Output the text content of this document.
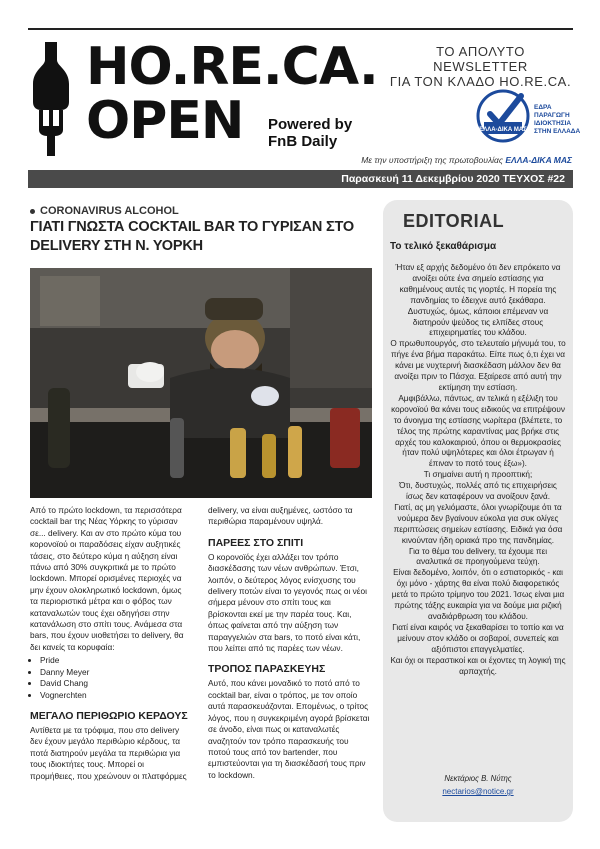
HO.RE.CA.
OPEN	Powered by
FnB Daily
ΤΟ ΑΠΟΛΥΤΟ NEWSLETTER
ΓΙΑ ΤΟΝ ΚΛΑΔΟ HO.RE.CA.
ΕΛΛΑ-ΔΙΚΑ ΜΑΣ
ΕΔΡΑ
ΠΑΡΑΓΩΓΗ
ΙΔΙΟΚΤΗΣΙΑ
ΣΤΗΝ ΕΛΛΑΔΑ
Με την υποστήριξη της πρωτοβουλίας ΕΛΛΑ-ΔΙΚΑ ΜΑΣ
Παρασκευή 11 Δεκεμβρίου 2020 ΤΕΥΧΟΣ #22
CORONAVIRUS ALCOHOL
ΓΙΑΤΙ ΓΝΩΣΤΑ COCKTAIL BAR ΤΟ ΓΥΡΙΣΑΝ ΣΤΟ DELIVERY ΣΤΗ Ν. ΥΟΡΚΗ

Από το πρώτο lockdown, τα περισσότερα cocktail bar της Νέας Υόρκης το γύρισαν σε... delivery. Και αν στο πρώτο κύμα του κορονοϊού οι παραδόσεις είχαν αυξητικές τάσεις, στο δεύτερο κύμα η αύξηση είναι πάνω από 30% συγκριτικά με το πρώτο lockdown. Μπορεί ορισμένες περιοχές να μην έχουν ολοκληρωτικό lockdown, όμως τα περιοριστικά μέτρα και ο φόβος των καταναλωτών τους έχει οδηγήσει στην κατανάλωση στο σπίτι τους. Ανάμεσα στα bars, που έχουν υιοθετήσει το delivery, θα δει κανείς τα κορυφαία:

• Pride
• Danny Meyer
• David Chang
• Vognerchten
ΜΕΓΑΛΟ ΠΕΡΙΘΩΡΙΟ ΚΕΡΔΟΥΣ

Αντίθετα με τα τρόφιμα, που στο delivery δεν έχουν μεγάλο περιθώριο κέρδους, τα ποτά διατηρούν μεγάλα τα περιθώρια για τους ιδιοκτήτες τους. Μπορεί οι προμήθειες, που χρεώνουν οι πλατφόρμες

delivery, να είναι αυξημένες, ωστόσο τα περιθώρια παραμένουν υψηλά.

ΠΑΡΕΕΣ ΣΤΟ ΣΠΙΤΙ

Ο κορονοϊός έχει αλλάξει τον τρόπο διασκέδασης των νέων ανθρώπων. Έτσι, λοιπόν, ο δεύτερος λόγος ενίσχυσης του delivery ποτών είναι το γεγονός πως οι νέοι σήμερα μένουν στο σπίτι τους και βρίσκονται εκεί με την παρέα τους. Και, όπως φαίνεται από την αύξηση των παραγγελιών στα bars, το ποτό είναι κάτι, που λείπει από τις παρέες των νέων.

ΤΡΟΠΟΣ ΠΑΡΑΣΚΕΥΗΣ

Αυτό, που κάνει μοναδικό το ποτό από το cocktail bar, είναι ο τρόπος, με τον οποίο αυτά παρασκευάζονται. Επομένως, ο τρίτος λόγος, που η συγκεκριμένη αγορά βρίσκεται σε άνοδο, είναι πως οι καταναλωτές αναζητούν τον τρόπο παρασκευής του ποτού τους από τον bartender, που εμπιστεύονται για τη διασκέδασή τους πριν το lockdown.

EDITORIAL
Το τελικό ξεκαθάρισμα

Ήταν εξ αρχής δεδομένο ότι δεν επρόκειτο να ανοίξει ούτε ένα σημείο εστίασης για καθημένους αυτές τις γιορτές. Η πορεία της πανδημίας το έδειχνε αυτό ξεκάθαρα. Δυστυχώς, όμως, κάποιοι επέμεναν να διατηρούν ψεύδος τις ελπίδες στους επιχειρηματίες του κλάδου.

Ο πρωθυπουργός, στο τελευταίο μήνυμά του, το πήγε ένα βήμα παρακάτω. Είπε πως ό,τι έχει να κάνει με νυχτερινή διασκέδαση μάλλον δεν θα ανοίξει πριν το Πάσχα. Εξαίρεσε από αυτή την εκτίμηση την εστίαση.

Αμφιβάλλω, πάντως, αν τελικά η εξέλιξη του κορονοϊού θα κάνει τους ειδικούς να επιτρέψουν το άνοιγμα της εστίασης νωρίτερα (βλέπετε, το τέλος της πρώτης καραντίνας μας βρήκε στις αρχές του καλοκαιριού, όπου οι θερμοκρασίες ήταν πολύ υψηλότερες και όλοι έτρωγαν ή έπιναν το ποτό τους έξω»).

Τι σημαίνει αυτή η προοπτική;

Ότι, δυστυχώς, πολλές από τις επιχειρήσεις ίσως δεν καταφέρουν να ανοίξουν ξανά.

Γιατί, ας μη γελιόμαστε, όλοι γνωρίζουμε ότι τα νούμερα δεν βγαίνουν εύκολα για συκ ολίγες περιπτώσεις σημείων εστίασης. Ειδικά για όσα κινούνταν ήδη οριακά προ της πανδημίας.

Για το θέμα του delivery, τα έχουμε πει αναλυτικά σε προηγούμενα τεύχη.

Είναι δεδομένο, λοιπόν, ότι ο εστιατορικός - και όχι μόνο - χάρτης θα είναι πολύ διαφορετικός μετά το πρώτο τρίμηνο του 2021. Ίσως είναι μια πρώτης τάξης ευκαιρία για να δούμε μια ριζική αναδιάρθρωση του κλάδου.

Γιατί είναι καιρός να ξεκαθαρίσει το τοπίο και να μείνουν στον κλάδο οι σοβαροί, συνεπείς και αξιόπιστοι επαγγελματίες.

Και όχι οι περαστικοί και οι έχοντες τη λογική της αρπαχτής.

Νεκτάριος Β. Νύτης
nectarios@notice.gr
